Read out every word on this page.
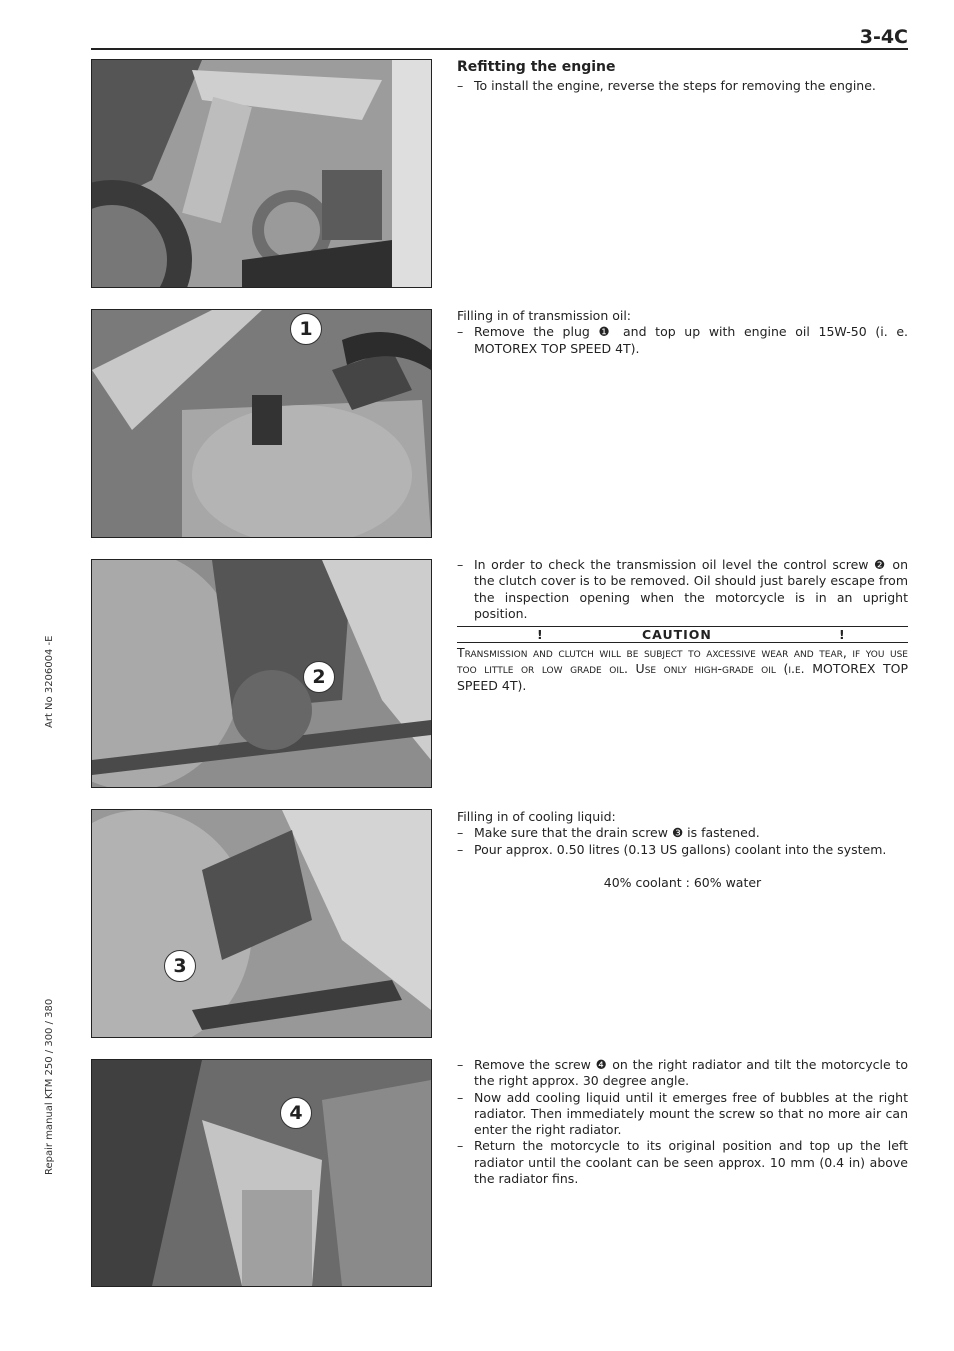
3-4C
Art No 3206004 -E
Repair manual KTM 250 / 300 / 380
1
2
3
4
Refitting the engine
– To install the engine, reverse the steps for removing the engine.
Filling in of transmission oil:
– Remove the plug ❶ and top up with engine oil 15W-50 (i. e. MOTOREX TOP SPEED 4T).
– In order to check the transmission oil level the control screw ❷ on the clutch cover is to be removed. Oil should just barely escape from the inspection opening when the motorcycle is in an upright position.
!	CAUTION	!
Transmission and clutch will be subject to axcessive wear and tear, if you use too little or low grade oil. Use only high-grade oil (i.e. MOTOREX TOP SPEED 4T).
Filling in of cooling liquid:
– Make sure that the drain screw ❸ is fastened.
– Pour approx. 0.50 litres (0.13 US gallons) coolant into the system.
40% coolant : 60% water
– Remove the screw ❹ on the right radiator and tilt the motorcycle to the right approx. 30 degree angle.
– Now add cooling liquid until it emerges free of bubbles at the right radiator. Then immediately mount the screw so that no more air can enter the right radiator.
– Return the motorcycle to its original position and top up the left radiator until the coolant can be seen approx. 10 mm (0.4 in) above the radiator fins.
